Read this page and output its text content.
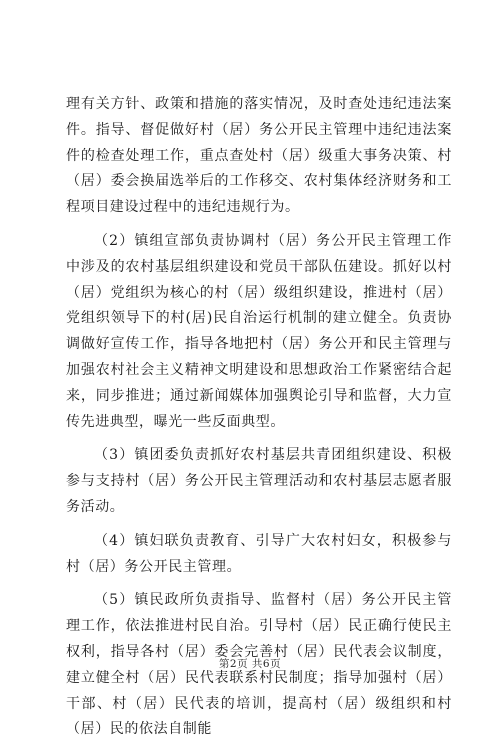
理有关方针、政策和措施的落实情况，及时查处违纪违法案件。指导、督促做好村（居）务公开民主管理中违纪违法案件的检查处理工作，重点查处村（居）级重大事务决策、村（居）委会换届选举后的工作移交、农村集体经济财务和工程项目建设过程中的违纪违规行为。

（2）镇组宣部负责协调村（居）务公开民主管理工作中涉及的农村基层组织建设和党员干部队伍建设。抓好以村（居）党组织为核心的村（居）级组织建设，推进村（居）党组织领导下的村(居)民自治运行机制的建立健全。负责协调做好宣传工作，指导各地把村（居）务公开和民主管理与加强农村社会主义精神文明建设和思想政治工作紧密结合起来，同步推进；通过新闻媒体加强舆论引导和监督，大力宣传先进典型，曝光一些反面典型。

（3）镇团委负责抓好农村基层共青团组织建设、积极参与支持村（居）务公开民主管理活动和农村基层志愿者服务活动。

（4）镇妇联负责教育、引导广大农村妇女，积极参与村（居）务公开民主管理。

（5）镇民政所负责指导、监督村（居）务公开民主管理工作，依法推进村民自治。引导村（居）民正确行使民主权利，指导各村（居）委会完善村（居）民代表会议制度，建立健全村（居）民代表联系村民制度；指导加强村（居）干部、村（居）民代表的培训，提高村（居）级组织和村（居）民的依法自制能

第2页 共6页
